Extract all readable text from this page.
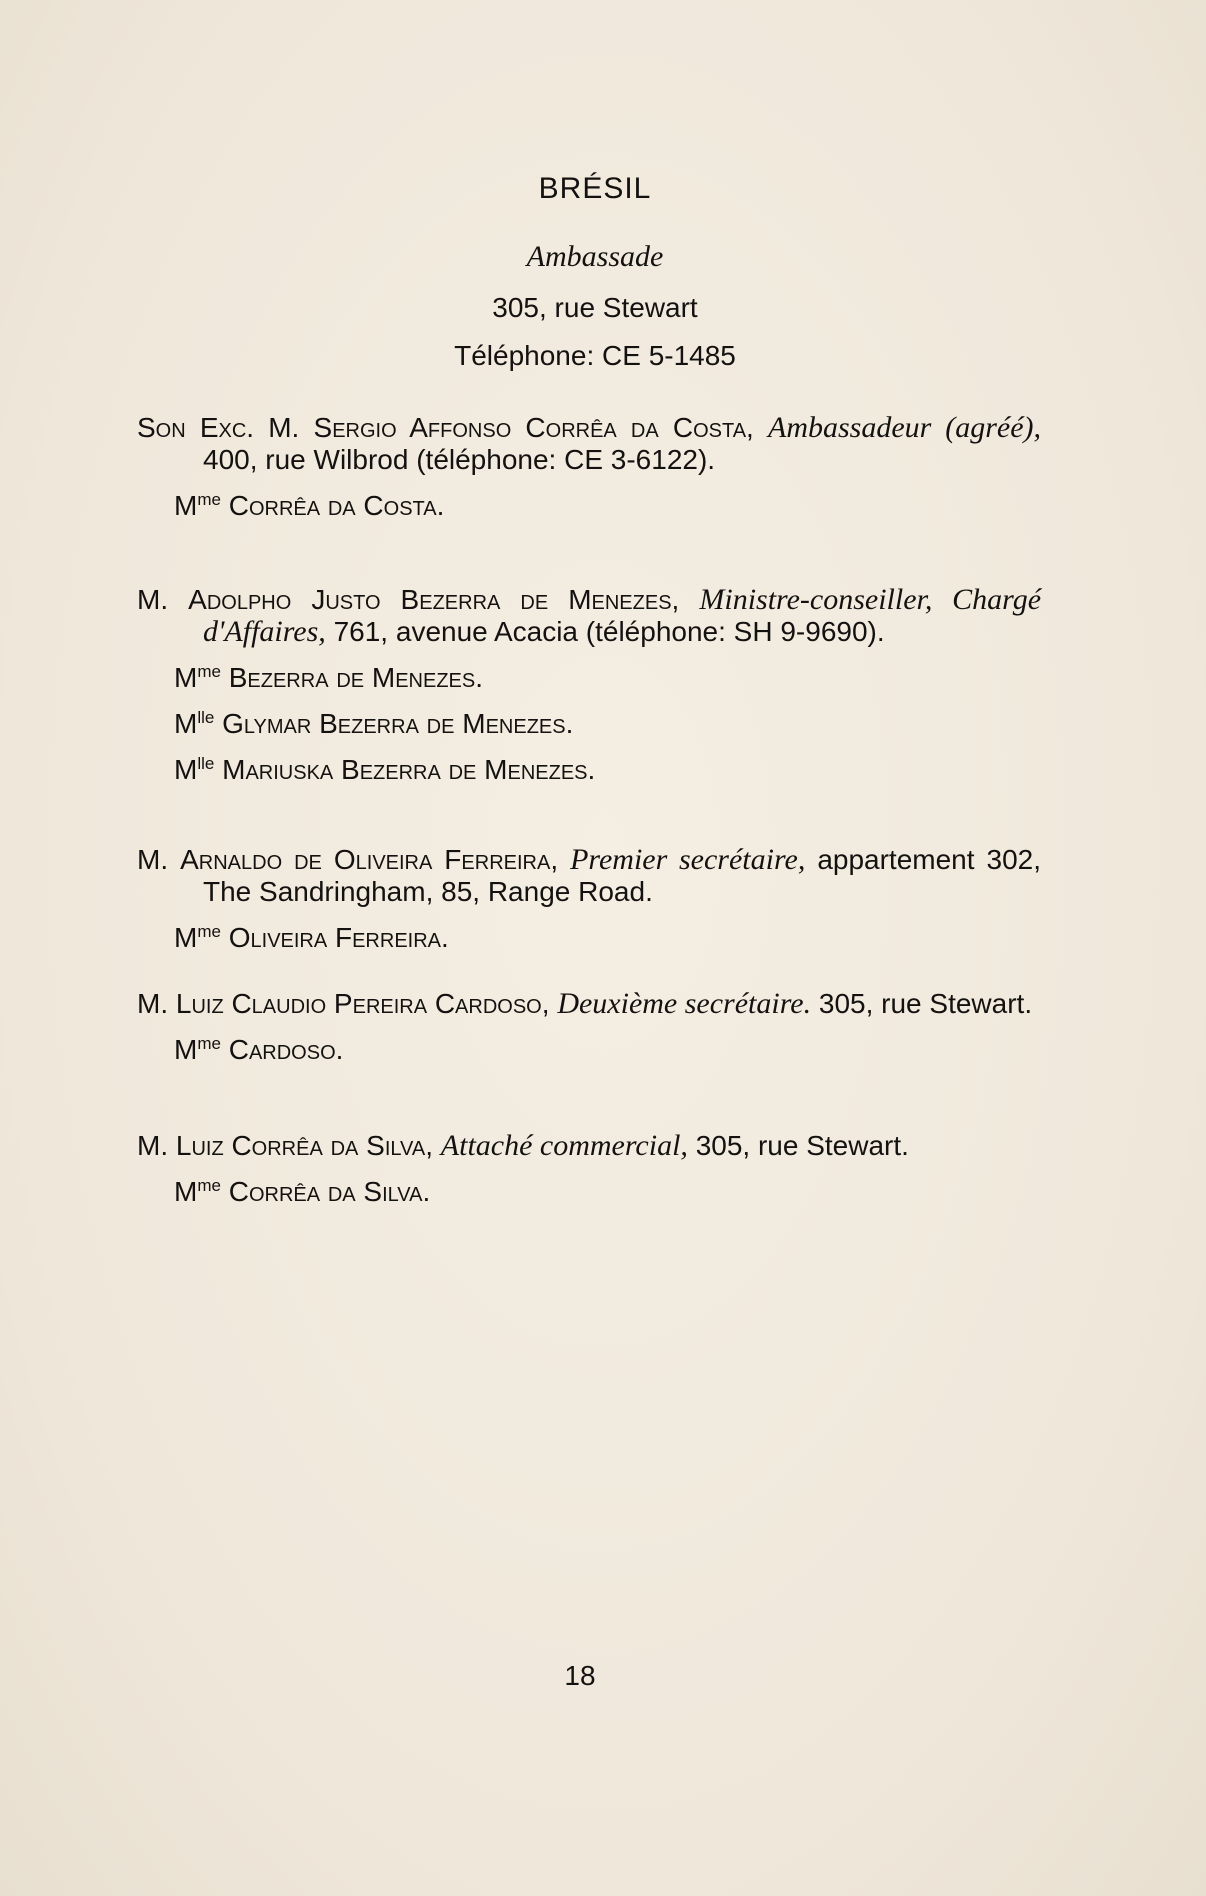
BRÉSIL
Ambassade
305, rue Stewart
Téléphone: CE 5-1485
Son Exc. M. Sergio Affonso Corrêa da Costa, Ambassadeur (agréé), 400, rue Wilbrod (téléphone: CE 3-6122).
$M^{me}$ Corrêa da Costa.
M. Adolpho Justo Bezerra de Menezes, Ministre-conseiller, Chargé d'Affaires, 761, avenue Acacia (téléphone: SH 9-9690).
$M^{me}$ Bezerra de Menezes.
$M^{lle}$ Glymar Bezerra de Menezes.
$M^{lle}$ Mariuska Bezerra de Menezes.
M. Arnaldo de Oliveira Ferreira, Premier secrétaire, appartement 302, The Sandringham, 85, Range Road.
$M^{me}$ Oliveira Ferreira.
M. Luiz Claudio Pereira Cardoso, Deuxième secrétaire. 305, rue Stewart.
$M^{me}$ Cardoso.
M. Luiz Corrêa da Silva, Attaché commercial, 305, rue Stewart.
$M^{me}$ Corrêa da Silva.
18
